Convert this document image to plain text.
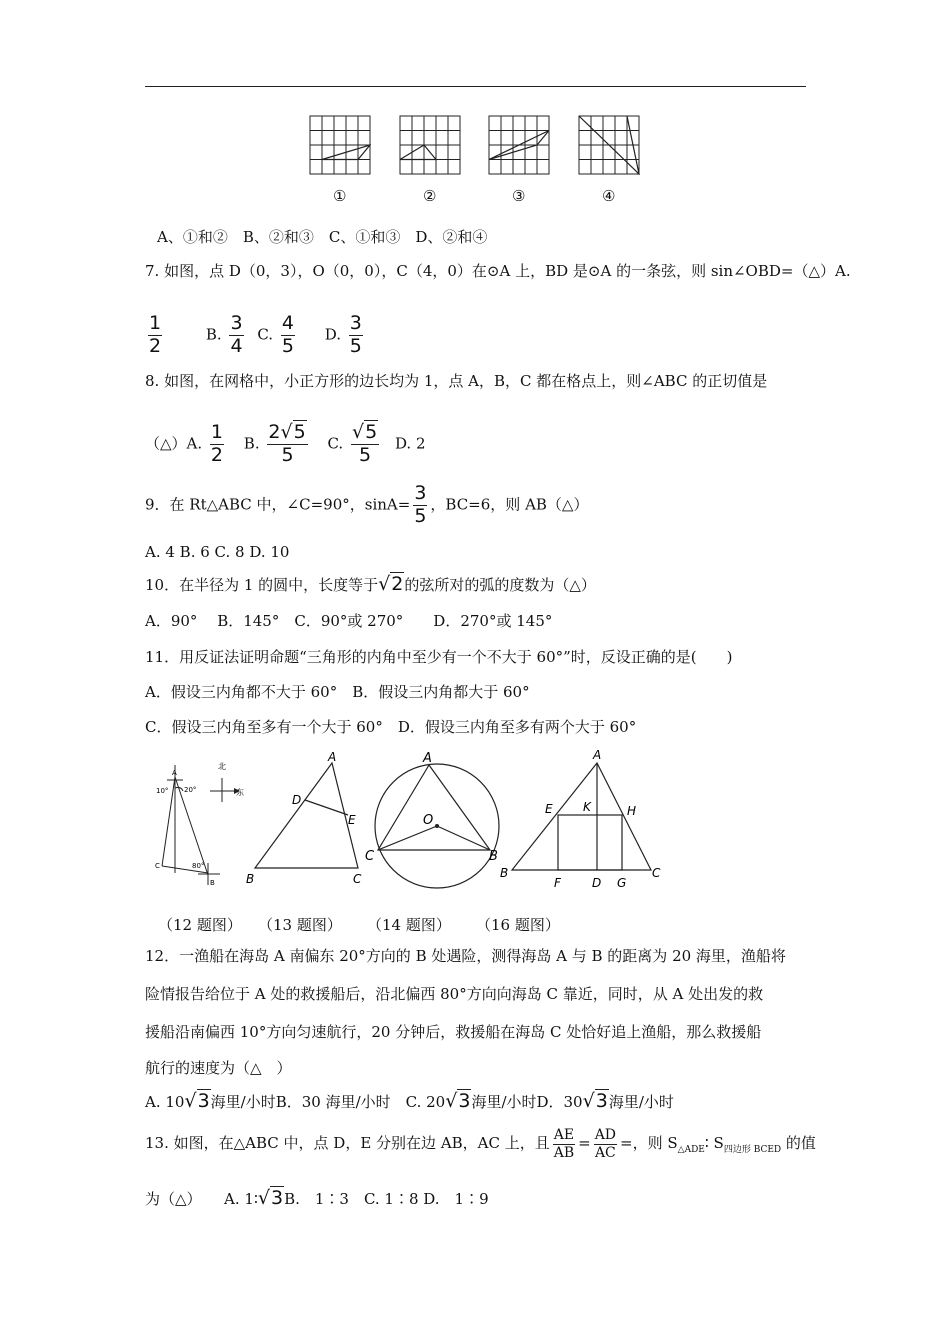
①	②	③	④
A、①和②　B、②和③　C、①和③　D、②和④
7. 如图，点 D（0，3），O（0，0），C（4，0）在⊙A 上，BD 是⊙A 的一条弦，则 sin∠OBD=（△）A.
$\frac{1}{2}$	B. $\frac{3}{4} C$. $\frac{4}{5} D$. $\frac{3}{5}$
8. 如图，在网格中，小正方形的边长均为 1，点 A，B，C 都在格点上，则∠ABC 的正切值是
（△）A. $\frac{1}{2} B$. $\frac{2√5}{5} C$. $\frac{√5}{5} D$. 2
9．在 Rt△ABC 中，∠C=90°，$\sin A= \frac{3}{5}$ ，BC=6，则 AB（△）
A. 4 B. 6 C. 8 D. 10
10．在半径为 1 的圆中，长度等于√2的弦所对的弧的度数为（△）
A．90°　 B．145°　C．90°或 270°　　D．270°或 145°
11．用反证法证明命题“三角形的内角中至少有一个不大于 60°”时，反设正确的是(　　)
A．假设三内角都不大于 60°　B．假设三内角都大于 60°
C．假设三内角至多有一个大于 60°　D．假设三内角至多有两个大于 60°
A
北
东
10° 20°
80°
C
B
A
D
E
B	C
A
O
C	B
A
E	K	H
B	C
F	D G
（12 题图） （13 题图） （14 题图） （16 题图）
12．一渔船在海岛 A 南偏东 20°方向的 B 处遇险，测得海岛 A 与 B 的距离为 20 海里，渔船将
险情报告给位于 A 处的救援船后，沿北偏西 80°方向向海岛 C 靠近，同时，从 A 处出发的救
援船沿南偏西 10°方向匀速航行，20 分钟后，救援船在海岛 C 处恰好追上渔船，那么救援船
航行的速度为（△　）
A. 10√3海里/小时B．30 海里/小时　C. 20√3海里/小时D．30√3海里/小时
13. 如图，在△ABC 中，点 D，E 分别在边 AB，AC 上，且 $\frac{AE}{AB} = \frac{AD}{AC}$ =，则 $S_{\triangle ADE}∶$ $S_{四边形 BCED}$ 的值
为（△）　　A. 1∶√3B.　1∶3　C. 1∶8 D.　1∶9
